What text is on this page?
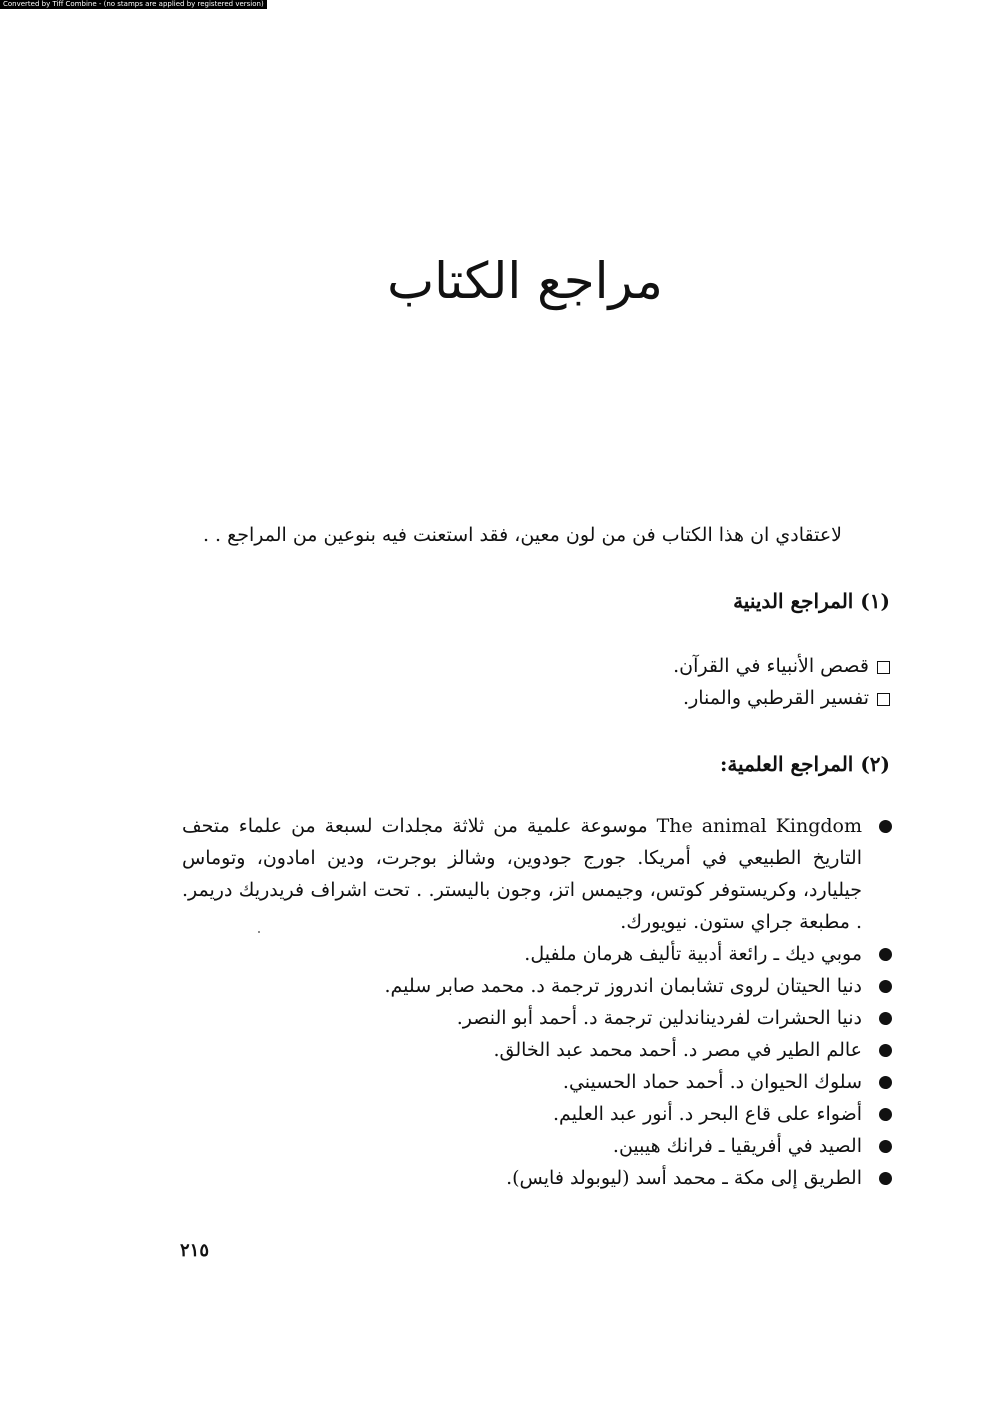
Converted by Tiff Combine - (no stamps are applied by registered version)
مراجع الكتاب
لاعتقادي ان هذا الكتاب فن من لون معين، فقد استعنت فيه بنوعين من المراجع . .
(١) المراجع الدينية
قصص الأنبياء في القرآن.
تفسير القرطبي والمنار.
(٢) المراجع العلمية:
The animal Kingdom موسوعة علمية من ثلاثة مجلدات لسبعة من علماء متحف التاريخ الطبيعي في أمريكا. جورج جودوين، وشالز بوجرت، ودين امادون، وتوماس جيليارد، وكريستوفر كوتس، وجيمس اتز، وجون باليستر. . تحت اشراف فريدريك دريمر. . مطبعة جراي ستون. نيويورك.
موبي ديك ـ رائعة أدبية تأليف هرمان ملفيل.
دنيا الحيتان لروى تشابمان اندروز ترجمة د. محمد صابر سليم.
دنيا الحشرات لفرديناندلين ترجمة د. أحمد أبو النصر.
عالم الطير في مصر د. أحمد محمد عبد الخالق.
سلوك الحيوان د. أحمد حماد الحسيني.
أضواء على قاع البحر د. أنور عبد العليم.
الصيد في أفريقيا ـ فرانك هيبين.
الطريق إلى مكة ـ محمد أسد (ليوبولد فايس).
٢١٥
